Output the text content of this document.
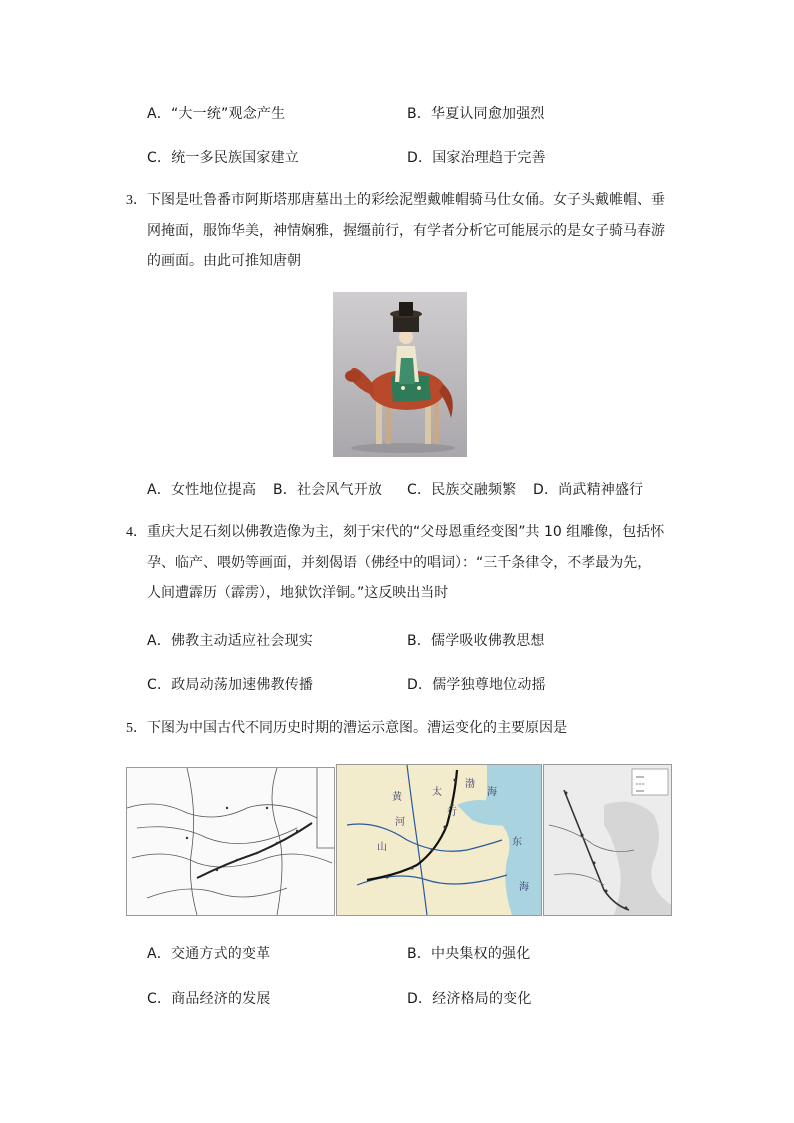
A．“大一统”观念产生	B．华夏认同愈加强烈
C．统一多民族国家建立	D．国家治理趋于完善
3．下图是吐鲁番市阿斯塔那唐墓出土的彩绘泥塑戴帷帽骑马仕女俑。女子头戴帷帽、垂
网掩面，服饰华美，神情娴雅，握缰前行，有学者分析它可能展示的是女子骑马春游
的画面。由此可推知唐朝
A．女性地位提高 B．社会风气开放 C．民族交融频繁 D．尚武精神盛行
4．重庆大足石刻以佛教造像为主，刻于宋代的“父母恩重经变图”共 10 组雕像，包括怀
孕、临产、喂奶等画面，并刻偈语（佛经中的唱词）：“三千条律令，不孝最为先，
人间遭霹历（霹雳），地狱饮洋铜。”这反映出当时
A．佛教主动适应社会现实	B．儒学吸收佛教思想
C．政局动荡加速佛教传播	D．儒学独尊地位动摇
5．下图为中国古代不同历史时期的漕运示意图。漕运变化的主要原因是
渤
海
东
海
黄
河
太
行
山
A．交通方式的变革	B．中央集权的强化
C．商品经济的发展	D．经济格局的变化
